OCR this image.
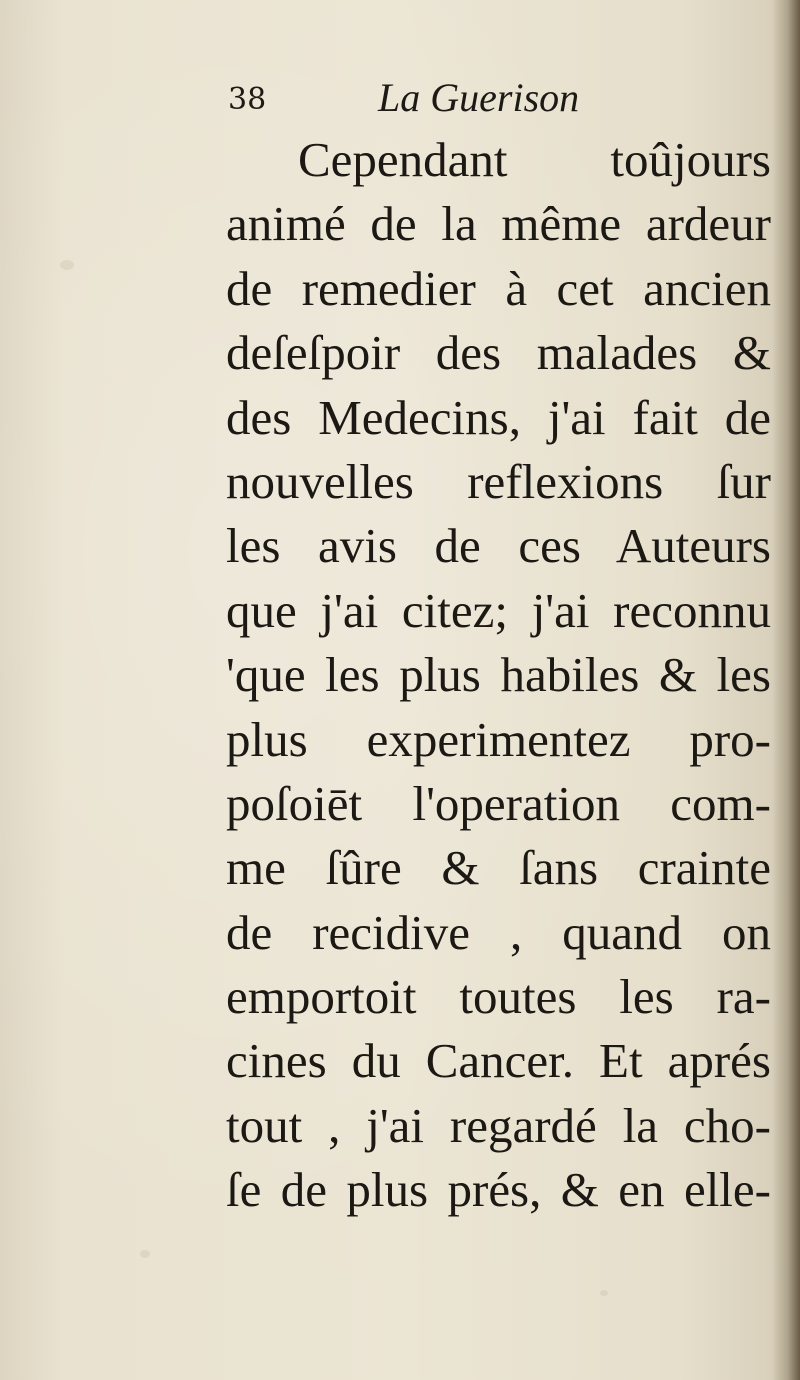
38	La Guerison
Cependant toûjours
animé de la même ardeur
de remedier à cet ancien
deſeſpoir des malades &
des Medecins, j'ai fait de
nouvelles reflexions ſur
les avis de ces Auteurs
que j'ai citez; j'ai reconnu
'que les plus habiles & les
plus experimentez pro-
poſoiēt l'operation com-
me ſûre & ſans crainte
de recidive , quand on
emportoit toutes les ra-
cines du Cancer. Et aprés
tout , j'ai regardé la cho-
ſe de plus prés, & en elle-
